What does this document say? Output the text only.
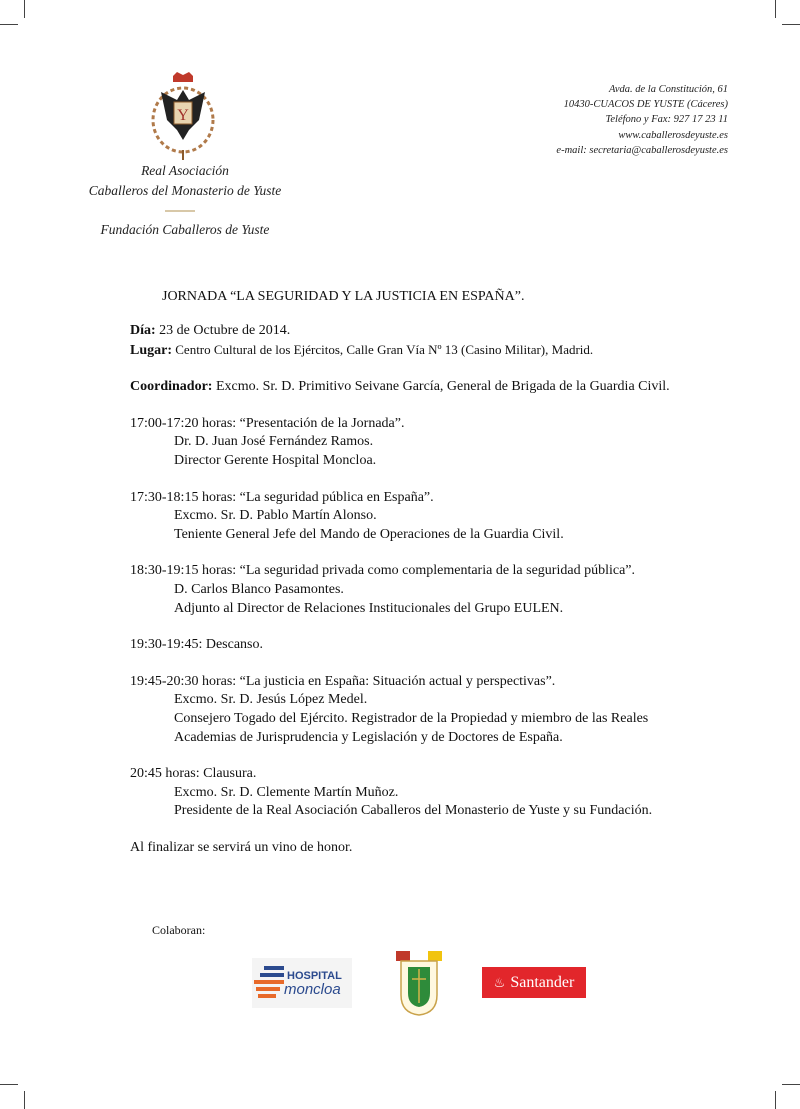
Y
Real Asociación
Caballeros del Monasterio de Yuste
Fundación Caballeros de Yuste
Avda. de la Constitución, 61
10430-CUACOS DE YUSTE (Cáceres)
Teléfono y Fax: 927 17 23 11
www.caballerosdeyuste.es
e-mail: secretaria@caballerosdeyuste.es
JORNADA “LA SEGURIDAD Y LA JUSTICIA EN ESPAÑA”.

Día: 23 de Octubre de 2014.
Lugar: Centro Cultural de los Ejércitos, Calle Gran Vía Nº 13 (Casino Militar), Madrid.

Coordinador: Excmo. Sr. D. Primitivo Seivane García, General de Brigada de la Guardia Civil.

17:00-17:20 horas: “Presentación de la Jornada”.
Dr. D. Juan José Fernández Ramos.
Director Gerente Hospital Moncloa.

17:30-18:15 horas: “La seguridad pública en España”.
Excmo. Sr. D. Pablo Martín Alonso.
Teniente General Jefe del Mando de Operaciones de la Guardia Civil.

18:30-19:15 horas: “La seguridad privada como complementaria de la seguridad pública”.
D. Carlos Blanco Pasamontes.
Adjunto al Director de Relaciones Institucionales del Grupo EULEN.

19:30-19:45: Descanso.

19:45-20:30 horas: “La justicia en España: Situación actual y perspectivas”.
Excmo. Sr. D. Jesús López Medel.
Consejero Togado del Ejército. Registrador de la Propiedad y miembro de las Reales
Academias de Jurisprudencia y Legislación y de Doctores de España.

20:45 horas: Clausura.
Excmo. Sr. D. Clemente Martín Muñoz.
Presidente de la Real Asociación Caballeros del Monasterio de Yuste y su Fundación.

Al finalizar se servirá un vino de honor.

Colaboran:
HOSPITAL
moncloa	♨ Santander
